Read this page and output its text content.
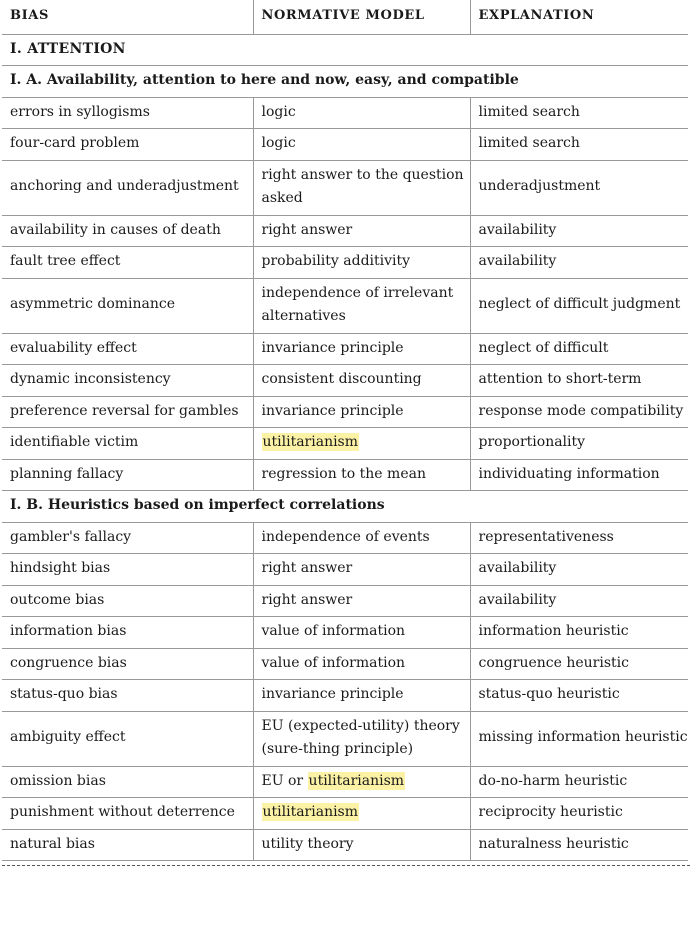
BIAS	NORMATIVE MODEL	EXPLANATION
I. ATTENTION		
I. A. Availability, attention to here and now, easy, and compatible		
errors in syllogisms	logic	limited search
four-card problem	logic	limited search
anchoring and underadjustment	right answer to the question asked	underadjustment
availability in causes of death	right answer	availability
fault tree effect	probability additivity	availability
asymmetric dominance	independence of irrelevant alternatives	neglect of difficult judgment
evaluability effect	invariance principle	neglect of difficult
dynamic inconsistency	consistent discounting	attention to short-term
preference reversal for gambles	invariance principle	response mode compatibility
identifiable victim	utilitarianism	proportionality
planning fallacy	regression to the mean	individuating information
I. B. Heuristics based on imperfect correlations		
gambler's fallacy	independence of events	representativeness
hindsight bias	right answer	availability
outcome bias	right answer	availability
information bias	value of information	information heuristic
congruence bias	value of information	congruence heuristic
status-quo bias	invariance principle	status-quo heuristic
ambiguity effect	EU (expected-utility) theory (sure-thing principle)	missing information heuristic
omission bias	EU or utilitarianism	do-no-harm heuristic
punishment without deterrence	utilitarianism	reciprocity heuristic
natural bias	utility theory	naturalness heuristic
